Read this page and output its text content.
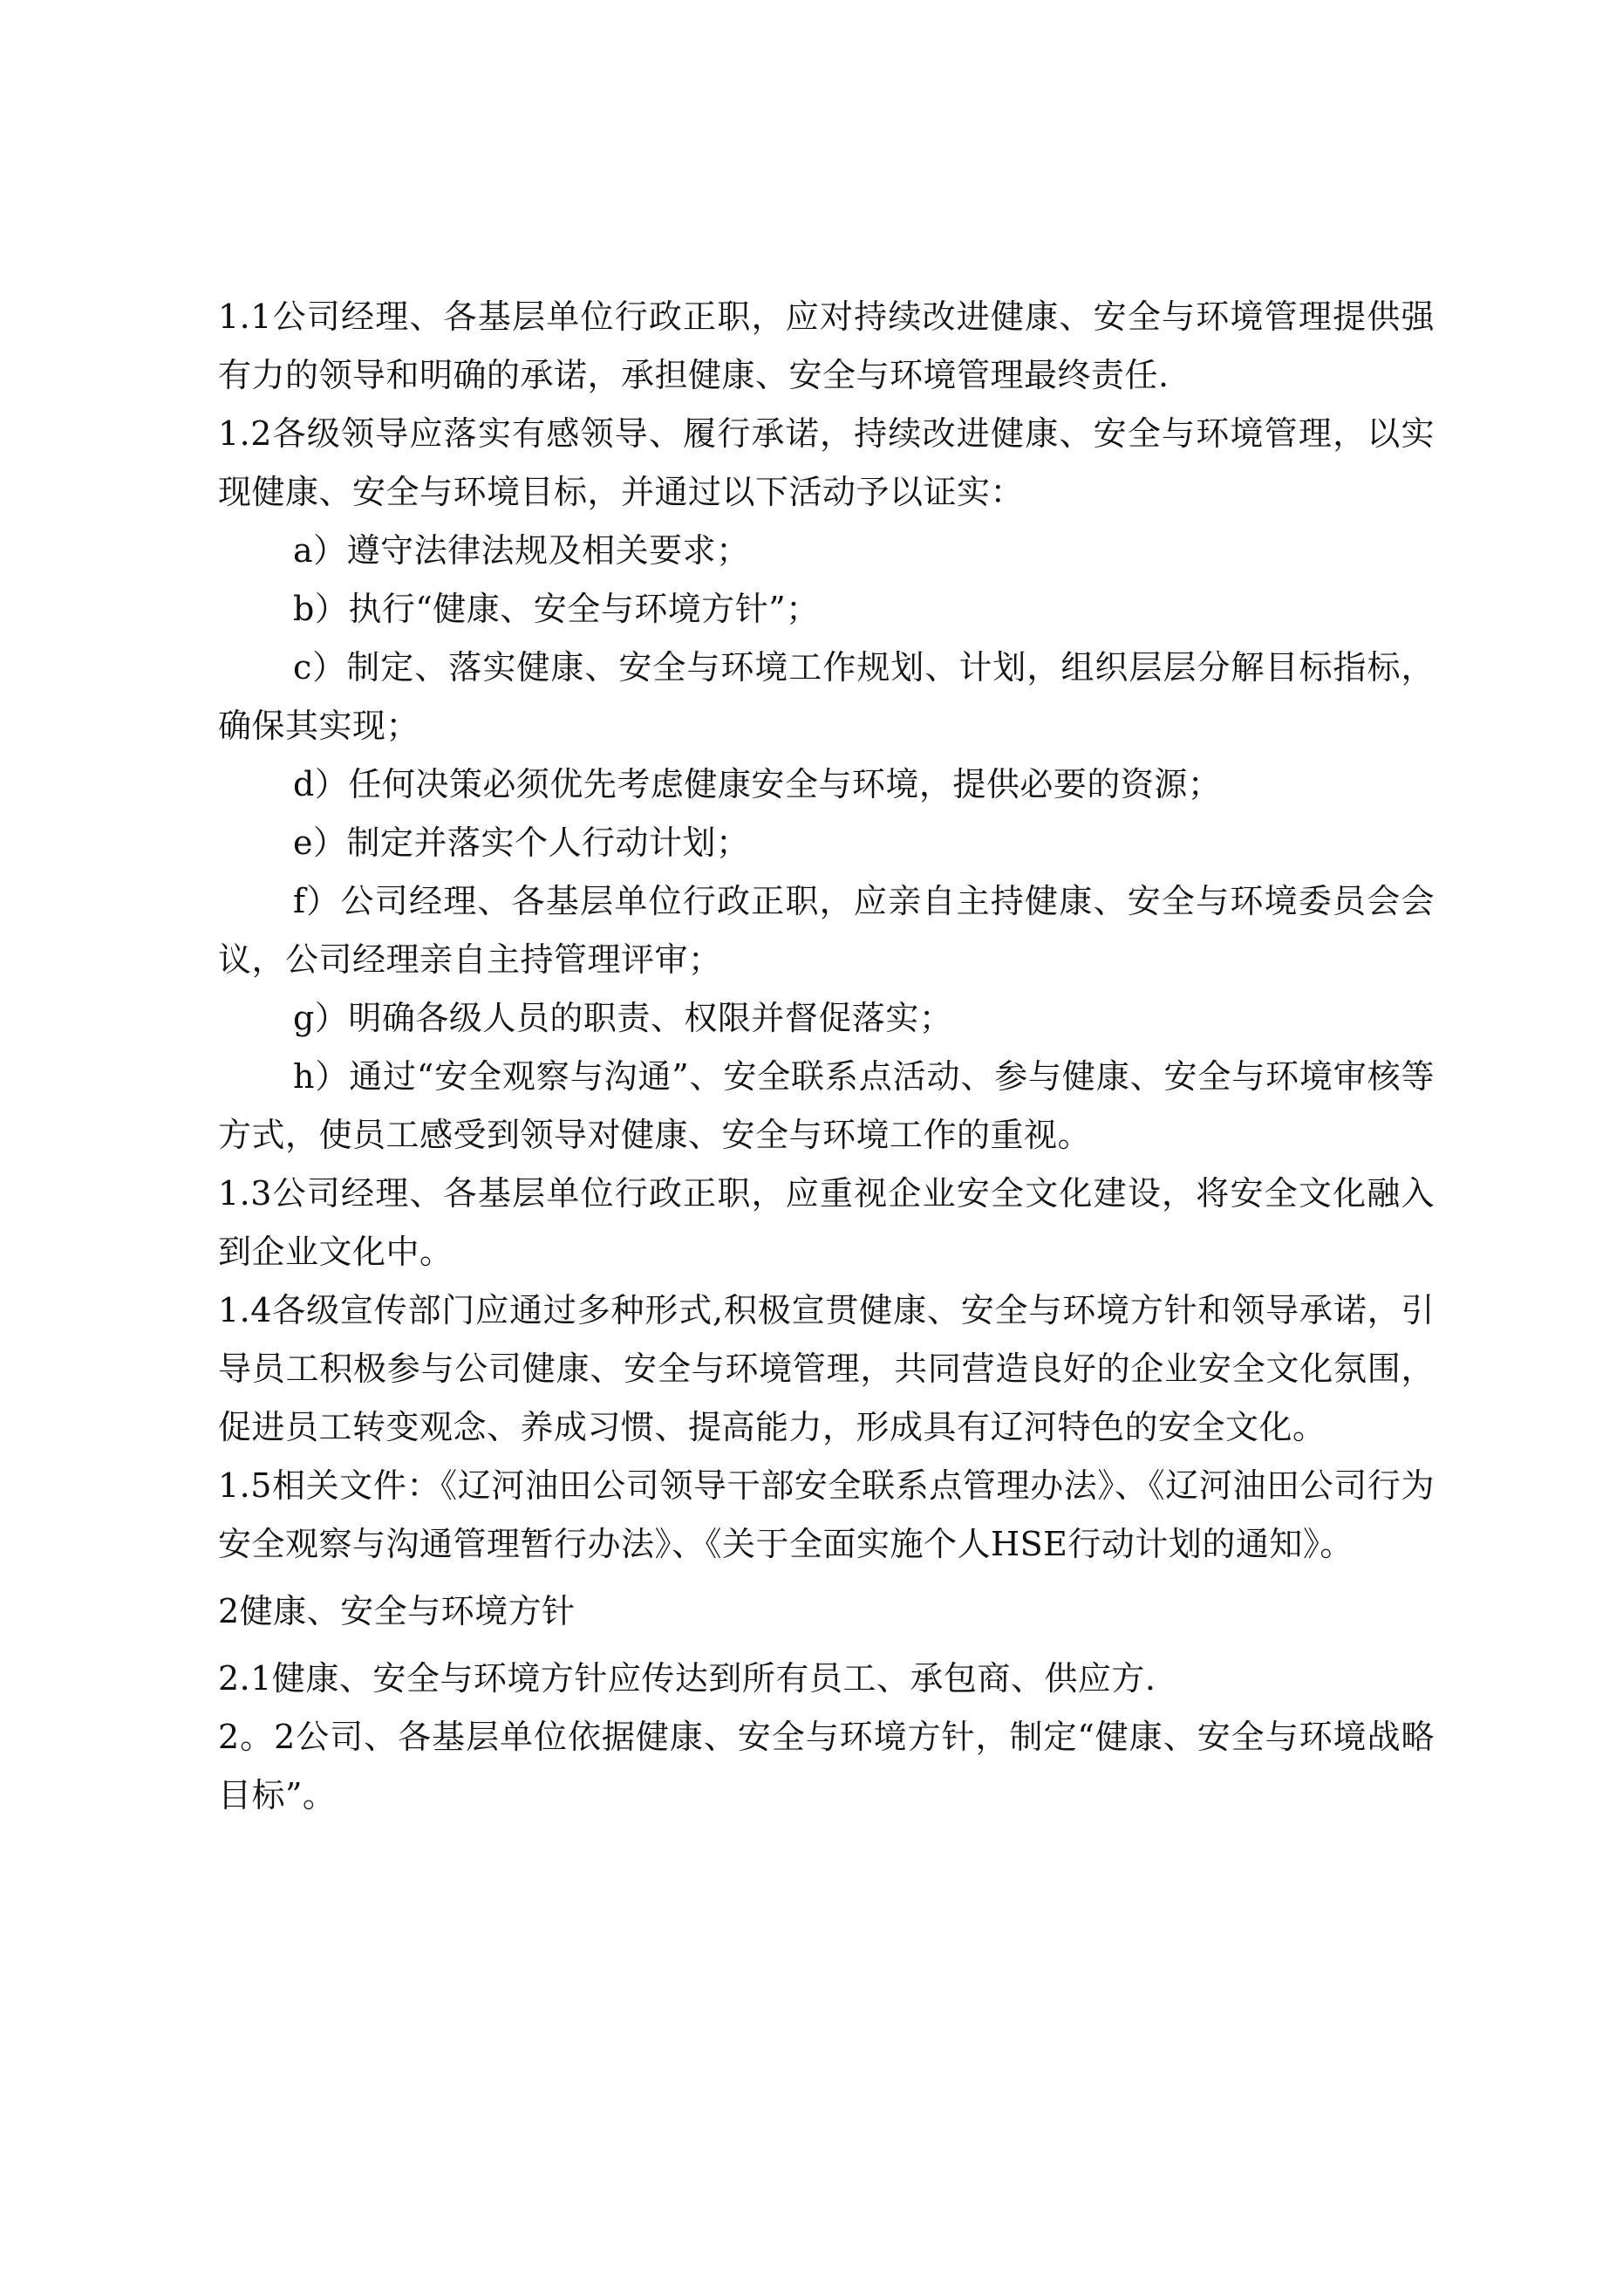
1.1公司经理、各基层单位行政正职，应对持续改进健康、安全与环境管理提供强有力的领导和明确的承诺，承担健康、安全与环境管理最终责任.

1.2各级领导应落实有感领导、履行承诺，持续改进健康、安全与环境管理，以实现健康、安全与环境目标，并通过以下活动予以证实：

a）遵守法律法规及相关要求；

b）执行“健康、安全与环境方针”；

c）制定、落实健康、安全与环境工作规划、计划，组织层层分解目标指标，确保其实现；

d）任何决策必须优先考虑健康安全与环境，提供必要的资源；

e）制定并落实个人行动计划；

f）公司经理、各基层单位行政正职，应亲自主持健康、安全与环境委员会会议，公司经理亲自主持管理评审；

g）明确各级人员的职责、权限并督促落实；

h）通过“安全观察与沟通”、安全联系点活动、参与健康、安全与环境审核等方式，使员工感受到领导对健康、安全与环境工作的重视。

1.3公司经理、各基层单位行政正职，应重视企业安全文化建设，将安全文化融入到企业文化中。

1.4各级宣传部门应通过多种形式,积极宣贯健康、安全与环境方针和领导承诺，引导员工积极参与公司健康、安全与环境管理，共同营造良好的企业安全文化氛围，促进员工转变观念、养成习惯、提高能力，形成具有辽河特色的安全文化。

1.5相关文件：《辽河油田公司领导干部安全联系点管理办法》、《辽河油田公司行为安全观察与沟通管理暂行办法》、《关于全面实施个人HSE行动计划的通知》。

2健康、安全与环境方针

2.1健康、安全与环境方针应传达到所有员工、承包商、供应方.

2。2公司、各基层单位依据健康、安全与环境方针，制定“健康、安全与环境战略目标”。
